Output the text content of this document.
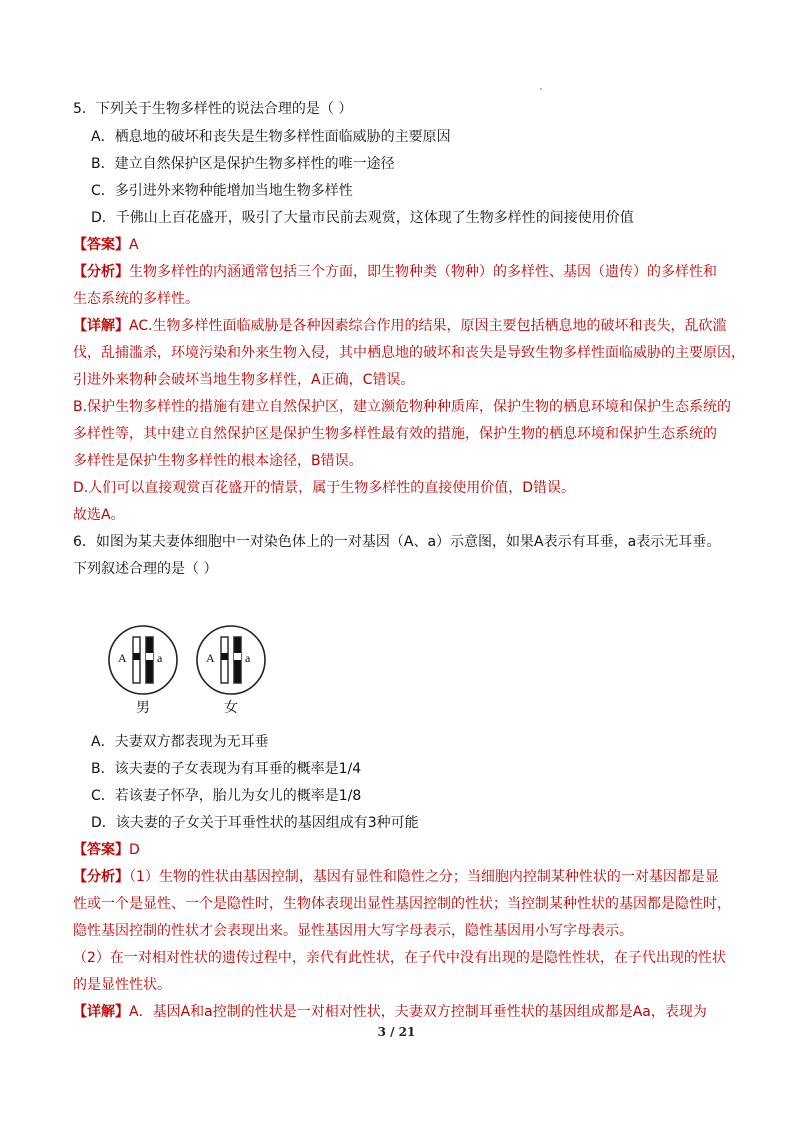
5．下列关于生物多样性的说法合理的是（ ）
A．栖息地的破坏和丧失是生物多样性面临威胁的主要原因
B．建立自然保护区是保护生物多样性的唯一途径
C．多引进外来物种能增加当地生物多样性
D．千佛山上百花盛开，吸引了大量市民前去观赏，这体现了生物多样性的间接使用价值
【答案】A
【分析】生物多样性的内涵通常包括三个方面，即生物种类（物种）的多样性、基因（遗传）的多样性和
生态系统的多样性。
【详解】AC.生物多样性面临威胁是各种因素综合作用的结果，原因主要包括栖息地的破坏和丧失，乱砍滥
伐，乱捕滥杀，环境污染和外来生物入侵，其中栖息地的破坏和丧失是导致生物多样性面临威胁的主要原因，
引进外来物种会破坏当地生物多样性，A正确，C错误。
B.保护生物多样性的措施有建立自然保护区，建立濒危物种种质库，保护生物的栖息环境和保护生态系统的
多样性等，其中建立自然保护区是保护生物多样性最有效的措施，保护生物的栖息环境和保护生态系统的
多样性是保护生物多样性的根本途径，B错误。
D.人们可以直接观赏百花盛开的情景，属于生物多样性的直接使用价值，D错误。
故选A。
6．如图为某夫妻体细胞中一对染色体上的一对基因（A、a）示意图，如果A表示有耳垂，a表示无耳垂。
下列叙述合理的是（ ）
A	a	A	a
男	女
A．夫妻双方都表现为无耳垂
B．该夫妻的子女表现为有耳垂的概率是1/4
C．若该妻子怀孕，胎儿为女儿的概率是1/8
D．该夫妻的子女关于耳垂性状的基因组成有3种可能
【答案】D
【分析】（1）生物的性状由基因控制，基因有显性和隐性之分；当细胞内控制某种性状的一对基因都是显
性或一个是显性、一个是隐性时，生物体表现出显性基因控制的性状；当控制某种性状的基因都是隐性时，
隐性基因控制的性状才会表现出来。显性基因用大写字母表示，隐性基因用小写字母表示。
（2）在一对相对性状的遗传过程中，亲代有此性状，在子代中没有出现的是隐性性状，在子代出现的性状
的是显性性状。
【详解】A．基因A和a控制的性状是一对相对性状，夫妻双方控制耳垂性状的基因组成都是Aa，表现为
3 / 21
